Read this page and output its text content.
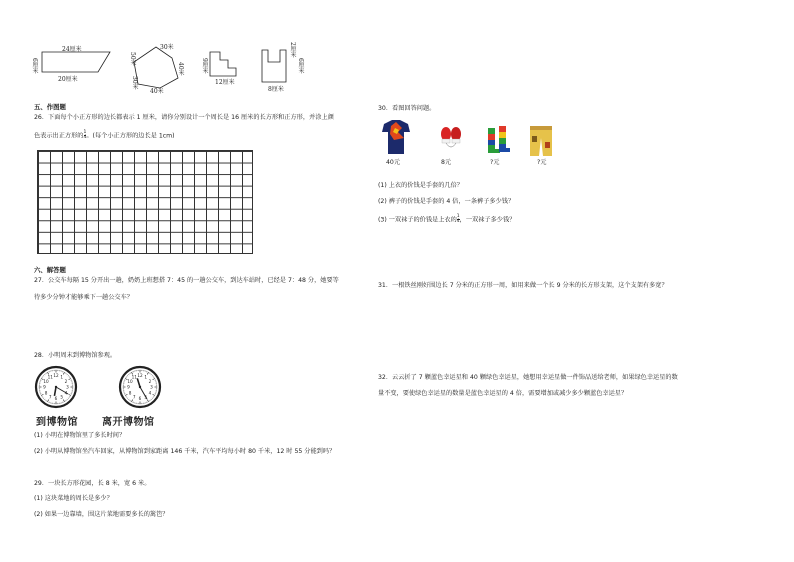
24厘米
6厘米
20厘米
30米
50米
40米
30米
40米
9厘米
12厘米
2厘米
6厘米
8厘米
五、作图题
26．下面每个小正方形的边长都表示 1 厘米，请你分别设计一个周长是 16 厘米的长方形和正方形，并涂上颜
色表示出正方形的 $\frac{1}{4}$ 。(每个小正方形的边长是 1cm)
六、解答题
27．公交车每隔 15 分开出一趟，奶奶上班想搭 7：45 的一趟公交车，到达车站时，已经是 7：48 分，她要等
待多少分钟才能够乘下一趟公交车？
28．小明周末到博物馆参观。
1
2
3
5
6
7
8
9
10
11 12	1
2
3
4
6
7
8
9
10
11 12
到博物馆 离开博物馆
(1) 小明在博物馆里了多长时间？
(2) 小明从博物馆坐汽车回家，从博物馆到家距离 146 千米，汽车平均每小时 80 千米，12 时 55 分能到吗？
29．一块长方形花园，长 8 米，宽 6 米。
(1) 这块菜地的周长是多少？
(2) 如果一边靠墙，围这片菜地需要多长的篱笆？
30．看图回答问题。
40元	8元	?元	?元
(1) 上衣的价钱是手套的几倍？
(2) 裤子的价钱是手套的 4 倍，一条裤子多少钱？
(3) 一双袜子的价钱是上衣的 $\frac{1}{4}$ ，一双袜子多少钱？
31．一根铁丝刚好围边长 7 分米的正方形一周，如用来做一个长 9 分米的长方形支架，这个支架有多宽？
32．云云折了 7 颗蓝色幸运星和 40 颗绿色幸运星，她想用幸运星做一件饰品送给老师，如果绿色幸运星的数
量不变，要使绿色幸运星的数量是蓝色幸运星的 4 倍，需要增加或减少多少颗蓝色幸运星？
